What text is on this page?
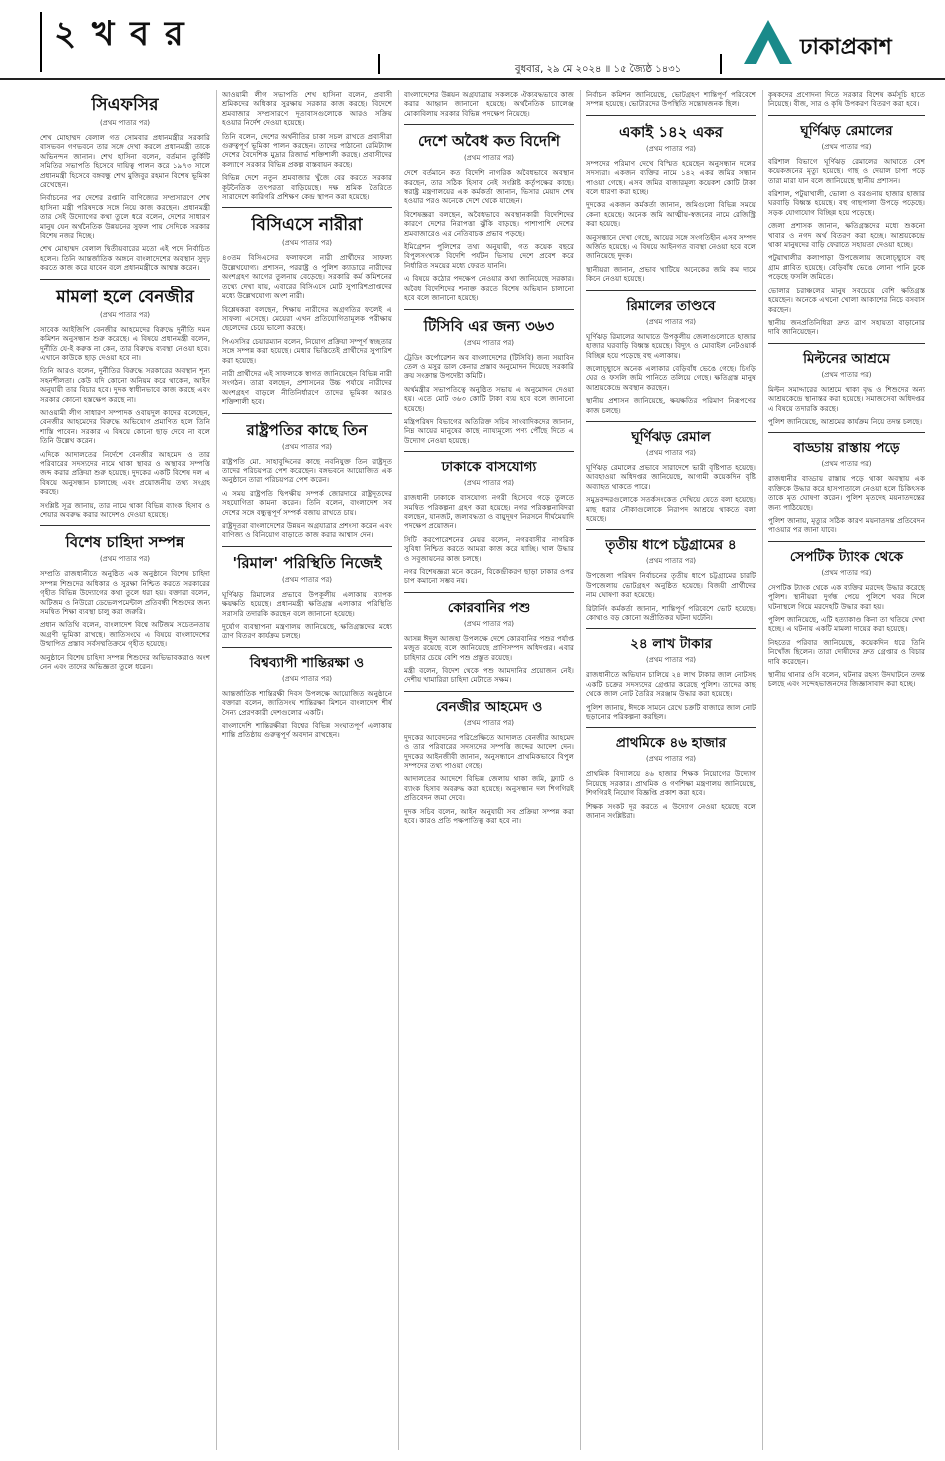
২ খ ব র
বুধবার, ২৯ মে ২০২৪ ॥ ১৫ জ্যৈষ্ঠ ১৪৩১
ঢাকাপ্রকাশ
সিএফসির
(প্রথম পাতার পর)

শেখ মোহাম্মদ বেলাল গত সোমবার প্রধানমন্ত্রীর সরকারি বাসভবন গণভবনে তার সঙ্গে দেখা করলে প্রধানমন্ত্রী তাকে অভিনন্দন জানান। শেখ হাসিনা বলেন, বর্তমান তুর্কিটি সমিতির সভাপতি হিসেবে দায়িত্ব পালন করে ১৯৭৩ সালে প্রধানমন্ত্রী হিসেবে বঙ্গবন্ধু শেখ মুজিবুর রহমান বিশেষ ভূমিকা রেখেছেন।

নির্বাচনের পর দেশের রপ্তানি বাণিজ্যের সম্প্রসারণে শেখ হাসিনা মন্ত্রী পরিষদকে সঙ্গে নিয়ে কাজ করছেন। প্রধানমন্ত্রী তার সেই উদ্যোগের কথা তুলে ধরে বলেন, দেশের সাধারণ মানুষ যেন অর্থনৈতিক উন্নয়নের সুফল পায় সেদিকে সরকার বিশেষ নজর দিচ্ছে।

শেখ মোহাম্মদ বেলাল দ্বিতীয়বারের মতো এই পদে নির্বাচিত হলেন। তিনি আন্তর্জাতিক অঙ্গনে বাংলাদেশের অবস্থান সুদৃঢ় করতে কাজ করে যাবেন বলে প্রধানমন্ত্রীকে আশ্বস্ত করেন।

মামলা হলে বেনজীর
(প্রথম পাতার পর)

সাবেক আইজিপি বেনজীর আহমেদের বিরুদ্ধে দুর্নীতি দমন কমিশন অনুসন্ধান শুরু করেছে। এ বিষয়ে প্রধানমন্ত্রী বলেন, দুর্নীতি যে-ই করুক না কেন, তার বিরুদ্ধে ব্যবস্থা নেওয়া হবে। এখানে কাউকে ছাড় দেওয়া হবে না।

তিনি আরও বলেন, দুর্নীতির বিরুদ্ধে সরকারের অবস্থান শূন্য সহনশীলতা। কেউ যদি কোনো অনিয়ম করে থাকেন, আইন অনুযায়ী তার বিচার হবে। দুদক স্বাধীনভাবে কাজ করছে এবং সরকার কোনো হস্তক্ষেপ করছে না।

আওয়ামী লীগ সাধারণ সম্পাদক ওবায়দুল কাদের বলেছেন, বেনজীর আহমেদের বিরুদ্ধে অভিযোগ প্রমাণিত হলে তিনি শাস্তি পাবেন। সরকার এ বিষয়ে কোনো ছাড় দেবে না বলে তিনি উল্লেখ করেন।

এদিকে আদালতের নির্দেশে বেনজীর আহমেদ ও তার পরিবারের সদস্যদের নামে থাকা স্থাবর ও অস্থাবর সম্পত্তি জব্দ করার প্রক্রিয়া শুরু হয়েছে। দুদকের একটি বিশেষ দল এ বিষয়ে অনুসন্ধান চালাচ্ছে এবং প্রয়োজনীয় তথ্য সংগ্রহ করছে।

সংশ্লিষ্ট সূত্র জানায়, তার নামে থাকা বিভিন্ন ব্যাংক হিসাব ও শেয়ার অবরুদ্ধ করার আদেশও দেওয়া হয়েছে।

বিশেষ চাহিদা সম্পন্ন
(প্রথম পাতার পর)

সম্প্রতি রাজধানীতে অনুষ্ঠিত এক অনুষ্ঠানে বিশেষ চাহিদা সম্পন্ন শিশুদের অধিকার ও সুরক্ষা নিশ্চিত করতে সরকারের গৃহীত বিভিন্ন উদ্যোগের কথা তুলে ধরা হয়। বক্তারা বলেন, অটিজম ও নিউরো ডেভেলপমেন্টাল প্রতিবন্ধী শিশুদের জন্য সমন্বিত শিক্ষা ব্যবস্থা চালু করা জরুরি।

প্রধান অতিথি বলেন, বাংলাদেশ বিশ্বে অটিজম সচেতনতায় অগ্রণী ভূমিকা রাখছে। জাতিসংঘে এ বিষয়ে বাংলাদেশের উত্থাপিত প্রস্তাব সর্বসম্মতিক্রমে গৃহীত হয়েছে।

অনুষ্ঠানে বিশেষ চাহিদা সম্পন্ন শিশুদের অভিভাবকরাও অংশ নেন এবং তাদের অভিজ্ঞতা তুলে ধরেন।

আওয়ামী লীগ সভাপতি শেখ হাসিনা বলেন, প্রবাসী শ্রমিকদের অধিকার সুরক্ষায় সরকার কাজ করছে। বিদেশে শ্রমবাজার সম্প্রসারণে দূতাবাসগুলোকে আরও সক্রিয় হওয়ার নির্দেশ দেওয়া হয়েছে।

তিনি বলেন, দেশের অর্থনীতির চাকা সচল রাখতে প্রবাসীরা গুরুত্বপূর্ণ ভূমিকা পালন করছেন। তাদের পাঠানো রেমিট্যান্স দেশের বৈদেশিক মুদ্রার রিজার্ভ শক্তিশালী করছে। প্রবাসীদের কল্যাণে সরকার বিভিন্ন প্রকল্প বাস্তবায়ন করছে।

বিভিন্ন দেশে নতুন শ্রমবাজার খুঁজে বের করতে সরকার কূটনৈতিক তৎপরতা বাড়িয়েছে। দক্ষ শ্রমিক তৈরিতে সারাদেশে কারিগরি প্রশিক্ষণ কেন্দ্র স্থাপন করা হয়েছে।

বিসিএসে নারীরা
(প্রথম পাতার পর)

৪৩তম বিসিএসের ফলাফলে নারী প্রার্থীদের সাফল্য উল্লেখযোগ্য। প্রশাসন, পররাষ্ট্র ও পুলিশ ক্যাডারে নারীদের অংশগ্রহণ আগের তুলনায় বেড়েছে। সরকারি কর্ম কমিশনের তথ্যে দেখা যায়, এবারের বিসিএসে মোট সুপারিশপ্রাপ্তদের মধ্যে উল্লেখযোগ্য অংশ নারী।

বিশ্লেষকরা বলছেন, শিক্ষায় নারীদের অগ্রগতির ফলেই এ সাফল্য এসেছে। মেয়েরা এখন প্রতিযোগিতামূলক পরীক্ষায় ছেলেদের চেয়ে ভালো করছে।

পিএসসির চেয়ারম্যান বলেন, নিয়োগ প্রক্রিয়া সম্পূর্ণ স্বচ্ছতার সঙ্গে সম্পন্ন করা হয়েছে। মেধার ভিত্তিতেই প্রার্থীদের সুপারিশ করা হয়েছে।

নারী প্রার্থীদের এই সাফল্যকে স্বাগত জানিয়েছেন বিভিন্ন নারী সংগঠন। তারা বলছেন, প্রশাসনের উচ্চ পর্যায়ে নারীদের অংশগ্রহণ বাড়লে নীতিনির্ধারণে তাদের ভূমিকা আরও শক্তিশালী হবে।

রাষ্ট্রপতির কাছে তিন
(প্রথম পাতার পর)

রাষ্ট্রপতি মো. সাহাবুদ্দিনের কাছে নবনিযুক্ত তিন রাষ্ট্রদূত তাদের পরিচয়পত্র পেশ করেছেন। বঙ্গভবনে আয়োজিত এক অনুষ্ঠানে তারা পরিচয়পত্র পেশ করেন।

এ সময় রাষ্ট্রপতি দ্বিপক্ষীয় সম্পর্ক জোরদারে রাষ্ট্রদূতদের সহযোগিতা কামনা করেন। তিনি বলেন, বাংলাদেশ সব দেশের সঙ্গে বন্ধুত্বপূর্ণ সম্পর্ক বজায় রাখতে চায়।

রাষ্ট্রদূতরা বাংলাদেশের উন্নয়ন অগ্রযাত্রার প্রশংসা করেন এবং বাণিজ্য ও বিনিয়োগ বাড়াতে কাজ করার আশ্বাস দেন।

'রিমাল' পরিস্থিতি নিজেই
(প্রথম পাতার পর)

ঘূর্ণিঝড় রিমালের প্রভাবে উপকূলীয় এলাকায় ব্যাপক ক্ষয়ক্ষতি হয়েছে। প্রধানমন্ত্রী ক্ষতিগ্রস্ত এলাকার পরিস্থিতি সরাসরি তদারকি করছেন বলে জানানো হয়েছে।

দুর্যোগ ব্যবস্থাপনা মন্ত্রণালয় জানিয়েছে, ক্ষতিগ্রস্তদের মধ্যে ত্রাণ বিতরণ কার্যক্রম চলছে।

বিশ্বব্যাপী শান্তিরক্ষা ও
(প্রথম পাতার পর)

আন্তর্জাতিক শান্তিরক্ষী দিবস উপলক্ষে আয়োজিত অনুষ্ঠানে বক্তারা বলেন, জাতিসংঘ শান্তিরক্ষা মিশনে বাংলাদেশ শীর্ষ সৈন্য প্রেরণকারী দেশগুলোর একটি।

বাংলাদেশি শান্তিরক্ষীরা বিশ্বের বিভিন্ন সংঘাতপূর্ণ এলাকায় শান্তি প্রতিষ্ঠায় গুরুত্বপূর্ণ অবদান রাখছেন।

বাংলাদেশের উন্নয়ন অগ্রযাত্রায় সকলকে ঐক্যবদ্ধভাবে কাজ করার আহ্বান জানানো হয়েছে। অর্থনৈতিক চ্যালেঞ্জ মোকাবিলায় সরকার বিভিন্ন পদক্ষেপ নিয়েছে।

দেশে অবৈধ কত বিদেশি
(প্রথম পাতার পর)

দেশে বর্তমানে কত বিদেশি নাগরিক অবৈধভাবে অবস্থান করছেন, তার সঠিক হিসাব নেই সংশ্লিষ্ট কর্তৃপক্ষের কাছে। স্বরাষ্ট্র মন্ত্রণালয়ের এক কর্মকর্তা জানান, ভিসার মেয়াদ শেষ হওয়ার পরও অনেকে দেশে থেকে যাচ্ছেন।

বিশেষজ্ঞরা বলছেন, অবৈধভাবে অবস্থানকারী বিদেশিদের কারণে দেশের নিরাপত্তা ঝুঁকি বাড়ছে। পাশাপাশি দেশের শ্রমবাজারেও এর নেতিবাচক প্রভাব পড়ছে।

ইমিগ্রেশন পুলিশের তথ্য অনুযায়ী, গত কয়েক বছরে বিপুলসংখ্যক বিদেশি পর্যটন ভিসায় দেশে প্রবেশ করে নির্ধারিত সময়ের মধ্যে ফেরত যাননি।

এ বিষয়ে কঠোর পদক্ষেপ নেওয়ার কথা জানিয়েছে সরকার। অবৈধ বিদেশিদের শনাক্ত করতে বিশেষ অভিযান চালানো হবে বলে জানানো হয়েছে।

টিসিবি এর জন্য ৩৬৩
(প্রথম পাতার পর)

ট্রেডিং কর্পোরেশন অব বাংলাদেশের (টিসিবি) জন্য সয়াবিন তেল ও মসুর ডাল কেনার প্রস্তাব অনুমোদন দিয়েছে সরকারি ক্রয় সংক্রান্ত উপদেষ্টা কমিটি।

অর্থমন্ত্রীর সভাপতিত্বে অনুষ্ঠিত সভায় এ অনুমোদন দেওয়া হয়। এতে মোট ৩৬৩ কোটি টাকা ব্যয় হবে বলে জানানো হয়েছে।

মন্ত্রিপরিষদ বিভাগের অতিরিক্ত সচিব সাংবাদিকদের জানান, নিম্ন আয়ের মানুষের কাছে ন্যায্যমূল্যে পণ্য পৌঁছে দিতে এ উদ্যোগ নেওয়া হয়েছে।

ঢাকাকে বাসযোগ্য
(প্রথম পাতার পর)

রাজধানী ঢাকাকে বাসযোগ্য নগরী হিসেবে গড়ে তুলতে সমন্বিত পরিকল্পনা গ্রহণ করা হয়েছে। নগর পরিকল্পনাবিদরা বলছেন, যানজট, জলাবদ্ধতা ও বায়ুদূষণ নিরসনে দীর্ঘমেয়াদি পদক্ষেপ প্রয়োজন।

সিটি করপোরেশনের মেয়র বলেন, নগরবাসীর নাগরিক সুবিধা নিশ্চিত করতে আমরা কাজ করে যাচ্ছি। খাল উদ্ধার ও সবুজায়নের কাজ চলছে।

নগর বিশেষজ্ঞরা মনে করেন, বিকেন্দ্রীকরণ ছাড়া ঢাকার ওপর চাপ কমানো সম্ভব নয়।

কোরবানির পশু
(প্রথম পাতার পর)

আসন্ন ঈদুল আজহা উপলক্ষে দেশে কোরবানির পশুর পর্যাপ্ত মজুত রয়েছে বলে জানিয়েছে প্রাণিসম্পদ অধিদপ্তর। এবার চাহিদার চেয়ে বেশি পশু প্রস্তুত রয়েছে।

মন্ত্রী বলেন, বিদেশ থেকে পশু আমদানির প্রয়োজন নেই। দেশীয় খামারিরা চাহিদা মেটাতে সক্ষম।

বেনজীর আহমেদ ও
(প্রথম পাতার পর)

দুদকের আবেদনের পরিপ্রেক্ষিতে আদালত বেনজীর আহমেদ ও তার পরিবারের সদস্যদের সম্পত্তি জব্দের আদেশ দেন। দুদকের আইনজীবী জানান, অনুসন্ধানে প্রাথমিকভাবে বিপুল সম্পদের তথ্য পাওয়া গেছে।

আদালতের আদেশে বিভিন্ন জেলায় থাকা জমি, ফ্ল্যাট ও ব্যাংক হিসাব অবরুদ্ধ করা হয়েছে। অনুসন্ধান দল শিগগিরই প্রতিবেদন জমা দেবে।

দুদক সচিব বলেন, আইন অনুযায়ী সব প্রক্রিয়া সম্পন্ন করা হবে। কারও প্রতি পক্ষপাতিত্ব করা হবে না।

নির্বাচন কমিশন জানিয়েছে, ভোটগ্রহণ শান্তিপূর্ণ পরিবেশে সম্পন্ন হয়েছে। ভোটারদের উপস্থিতি সন্তোষজনক ছিল।

একাই ১৪২ একর
(প্রথম পাতার পর)

সম্পদের পরিমাণ দেখে বিস্মিত হয়েছেন অনুসন্ধান দলের সদস্যরা। একজন ব্যক্তির নামে ১৪২ একর জমির সন্ধান পাওয়া গেছে। এসব জমির বাজারমূল্য কয়েকশ কোটি টাকা বলে ধারণা করা হচ্ছে।

দুদকের একজন কর্মকর্তা জানান, জমিগুলো বিভিন্ন সময়ে কেনা হয়েছে। অনেক জমি আত্মীয়-স্বজনের নামে রেজিস্ট্রি করা হয়েছে।

অনুসন্ধানে দেখা গেছে, আয়ের সঙ্গে সংগতিহীন এসব সম্পদ অর্জিত হয়েছে। এ বিষয়ে আইনগত ব্যবস্থা নেওয়া হবে বলে জানিয়েছে দুদক।

স্থানীয়রা জানান, প্রভাব খাটিয়ে অনেকের জমি কম দামে কিনে নেওয়া হয়েছে।

রিমালের তাণ্ডবে
(প্রথম পাতার পর)

ঘূর্ণিঝড় রিমালের আঘাতে উপকূলীয় জেলাগুলোতে হাজার হাজার ঘরবাড়ি বিধ্বস্ত হয়েছে। বিদ্যুৎ ও মোবাইল নেটওয়ার্ক বিচ্ছিন্ন হয়ে পড়েছে বহু এলাকায়।

জলোচ্ছ্বাসে অনেক এলাকার বেড়িবাঁধ ভেঙে গেছে। চিংড়ি ঘের ও ফসলি জমি পানিতে তলিয়ে গেছে। ক্ষতিগ্রস্ত মানুষ আশ্রয়কেন্দ্রে অবস্থান করছেন।

স্থানীয় প্রশাসন জানিয়েছে, ক্ষয়ক্ষতির পরিমাণ নিরূপণের কাজ চলছে।

ঘূর্ণিঝড় রেমাল
(প্রথম পাতার পর)

ঘূর্ণিঝড় রেমালের প্রভাবে সারাদেশে ভারী বৃষ্টিপাত হয়েছে। আবহাওয়া অধিদপ্তর জানিয়েছে, আগামী কয়েকদিন বৃষ্টি অব্যাহত থাকতে পারে।

সমুদ্রবন্দরগুলোকে সতর্কসংকেত দেখিয়ে যেতে বলা হয়েছে। মাছ ধরার নৌকাগুলোকে নিরাপদ আশ্রয়ে থাকতে বলা হয়েছে।

তৃতীয় ধাপে চট্টগ্রামের ৪
(প্রথম পাতার পর)

উপজেলা পরিষদ নির্বাচনের তৃতীয় ধাপে চট্টগ্রামের চারটি উপজেলায় ভোটগ্রহণ অনুষ্ঠিত হয়েছে। বিজয়ী প্রার্থীদের নাম ঘোষণা করা হয়েছে।

রিটার্নিং কর্মকর্তা জানান, শান্তিপূর্ণ পরিবেশে ভোট হয়েছে। কোথাও বড় কোনো অপ্রীতিকর ঘটনা ঘটেনি।

২৪ লাখ টাকার
(প্রথম পাতার পর)

রাজধানীতে অভিযান চালিয়ে ২৪ লাখ টাকার জাল নোটসহ একটি চক্রের সদস্যদের গ্রেপ্তার করেছে পুলিশ। তাদের কাছ থেকে জাল নোট তৈরির সরঞ্জাম উদ্ধার করা হয়েছে।

পুলিশ জানায়, ঈদকে সামনে রেখে চক্রটি বাজারে জাল নোট ছড়ানোর পরিকল্পনা করছিল।

প্রাথমিকে ৪৬ হাজার
(প্রথম পাতার পর)

প্রাথমিক বিদ্যালয়ে ৪৬ হাজার শিক্ষক নিয়োগের উদ্যোগ নিয়েছে সরকার। প্রাথমিক ও গণশিক্ষা মন্ত্রণালয় জানিয়েছে, শিগগিরই নিয়োগ বিজ্ঞপ্তি প্রকাশ করা হবে।

শিক্ষক সংকট দূর করতে এ উদ্যোগ নেওয়া হয়েছে বলে জানান সংশ্লিষ্টরা।

কৃষকদের প্রণোদনা দিতে সরকার বিশেষ কর্মসূচি হাতে নিয়েছে। বীজ, সার ও কৃষি উপকরণ বিতরণ করা হবে।

ঘূর্ণিঝড় রেমালের
(প্রথম পাতার পর)

বরিশাল বিভাগে ঘূর্ণিঝড় রেমালের আঘাতে বেশ কয়েকজনের মৃত্যু হয়েছে। গাছ ও দেয়াল চাপা পড়ে তারা মারা যান বলে জানিয়েছে স্থানীয় প্রশাসন।

বরিশাল, পটুয়াখালী, ভোলা ও বরগুনায় হাজার হাজার ঘরবাড়ি বিধ্বস্ত হয়েছে। বহু গাছপালা উপড়ে পড়েছে। সড়ক যোগাযোগ বিচ্ছিন্ন হয়ে পড়েছে।

জেলা প্রশাসক জানান, ক্ষতিগ্রস্তদের মধ্যে শুকনো খাবার ও নগদ অর্থ বিতরণ করা হচ্ছে। আশ্রয়কেন্দ্রে থাকা মানুষদের বাড়ি ফেরাতে সহায়তা দেওয়া হচ্ছে।

পটুয়াখালীর কলাপাড়া উপজেলায় জলোচ্ছ্বাসে বহু গ্রাম প্লাবিত হয়েছে। বেড়িবাঁধ ভেঙে লোনা পানি ঢুকে পড়েছে ফসলি জমিতে।

ভোলার চরাঞ্চলের মানুষ সবচেয়ে বেশি ক্ষতিগ্রস্ত হয়েছেন। অনেকে এখনো খোলা আকাশের নিচে বসবাস করছেন।

স্থানীয় জনপ্রতিনিধিরা দ্রুত ত্রাণ সহায়তা বাড়ানোর দাবি জানিয়েছেন।

মিল্টনের আশ্রমে
(প্রথম পাতার পর)

মিল্টন সমাদ্দারের আশ্রমে থাকা বৃদ্ধ ও শিশুদের অন্য আশ্রয়কেন্দ্রে স্থানান্তর করা হয়েছে। সমাজসেবা অধিদপ্তর এ বিষয়ে তদারকি করছে।

পুলিশ জানিয়েছে, আশ্রমের কার্যক্রম নিয়ে তদন্ত চলছে।

বাড্ডায় রাস্তায় পড়ে
(প্রথম পাতার পর)

রাজধানীর বাড্ডায় রাস্তায় পড়ে থাকা অবস্থায় এক ব্যক্তিকে উদ্ধার করে হাসপাতালে নেওয়া হলে চিকিৎসক তাকে মৃত ঘোষণা করেন। পুলিশ মৃতদেহ ময়নাতদন্তের জন্য পাঠিয়েছে।

পুলিশ জানায়, মৃত্যুর সঠিক কারণ ময়নাতদন্ত প্রতিবেদন পাওয়ার পর জানা যাবে।

সেপটিক ট্যাংক থেকে
(প্রথম পাতার পর)

সেপটিক ট্যাংক থেকে এক ব্যক্তির মরদেহ উদ্ধার করেছে পুলিশ। স্থানীয়রা দুর্গন্ধ পেয়ে পুলিশে খবর দিলে ঘটনাস্থলে গিয়ে মরদেহটি উদ্ধার করা হয়।

পুলিশ জানিয়েছে, এটি হত্যাকাণ্ড কিনা তা খতিয়ে দেখা হচ্ছে। এ ঘটনায় একটি মামলা দায়ের করা হয়েছে।

নিহতের পরিবার জানিয়েছে, কয়েকদিন ধরে তিনি নিখোঁজ ছিলেন। তারা দোষীদের দ্রুত গ্রেপ্তার ও বিচার দাবি করেছেন।

স্থানীয় থানার ওসি বলেন, ঘটনার রহস্য উদঘাটনে তদন্ত চলছে এবং সন্দেহভাজনদের জিজ্ঞাসাবাদ করা হচ্ছে।
